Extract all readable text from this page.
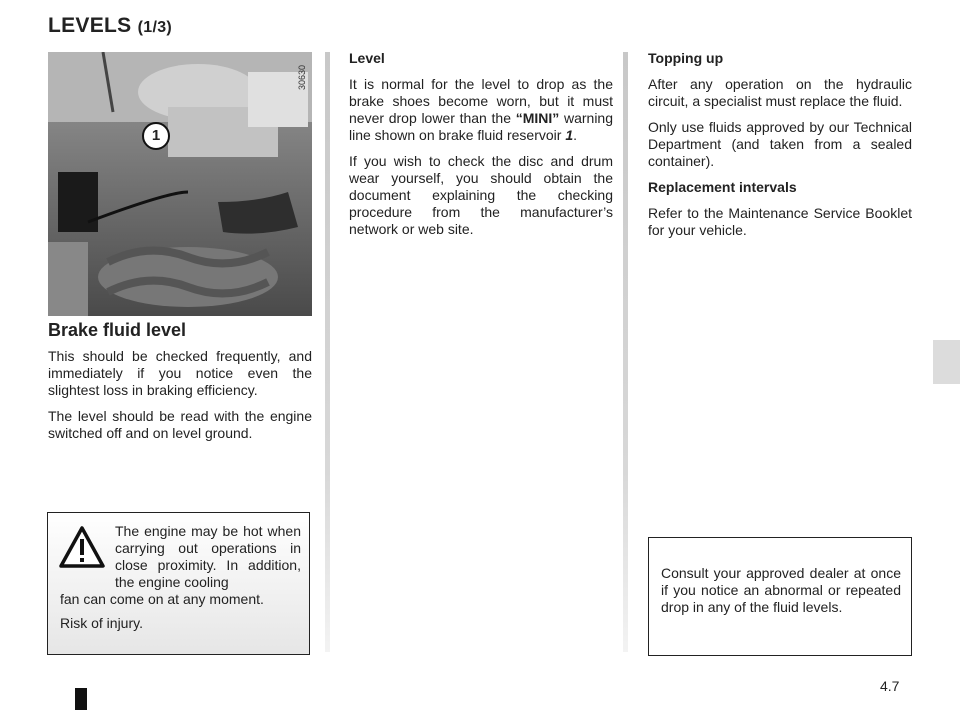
LEVELS (1/3)
30630
1
Brake fluid level

This should be checked frequently, and immediately if you notice even the slightest loss in braking efficiency.

The level should be read with the engine switched off and on level ground.

Level

It is normal for the level to drop as the brake shoes become worn, but it must never drop lower than the “MINI” warning line shown on brake fluid reservoir 1.

If you wish to check the disc and drum wear yourself, you should obtain the document explaining the checking procedure from the manufacturer’s network or web site.

Topping up

After any operation on the hydraulic circuit, a specialist must replace the fluid.

Only use fluids approved by our Technical Department (and taken from a sealed container).

Replacement intervals

Refer to the Maintenance Service Booklet for your vehicle.

The engine may be hot when carrying out operations in close proximity. In addition, the engine cooling

fan can come on at any moment.

Risk of injury.

Consult your approved dealer at once if you notice an abnormal or repeated drop in any of the fluid levels.

4.7
